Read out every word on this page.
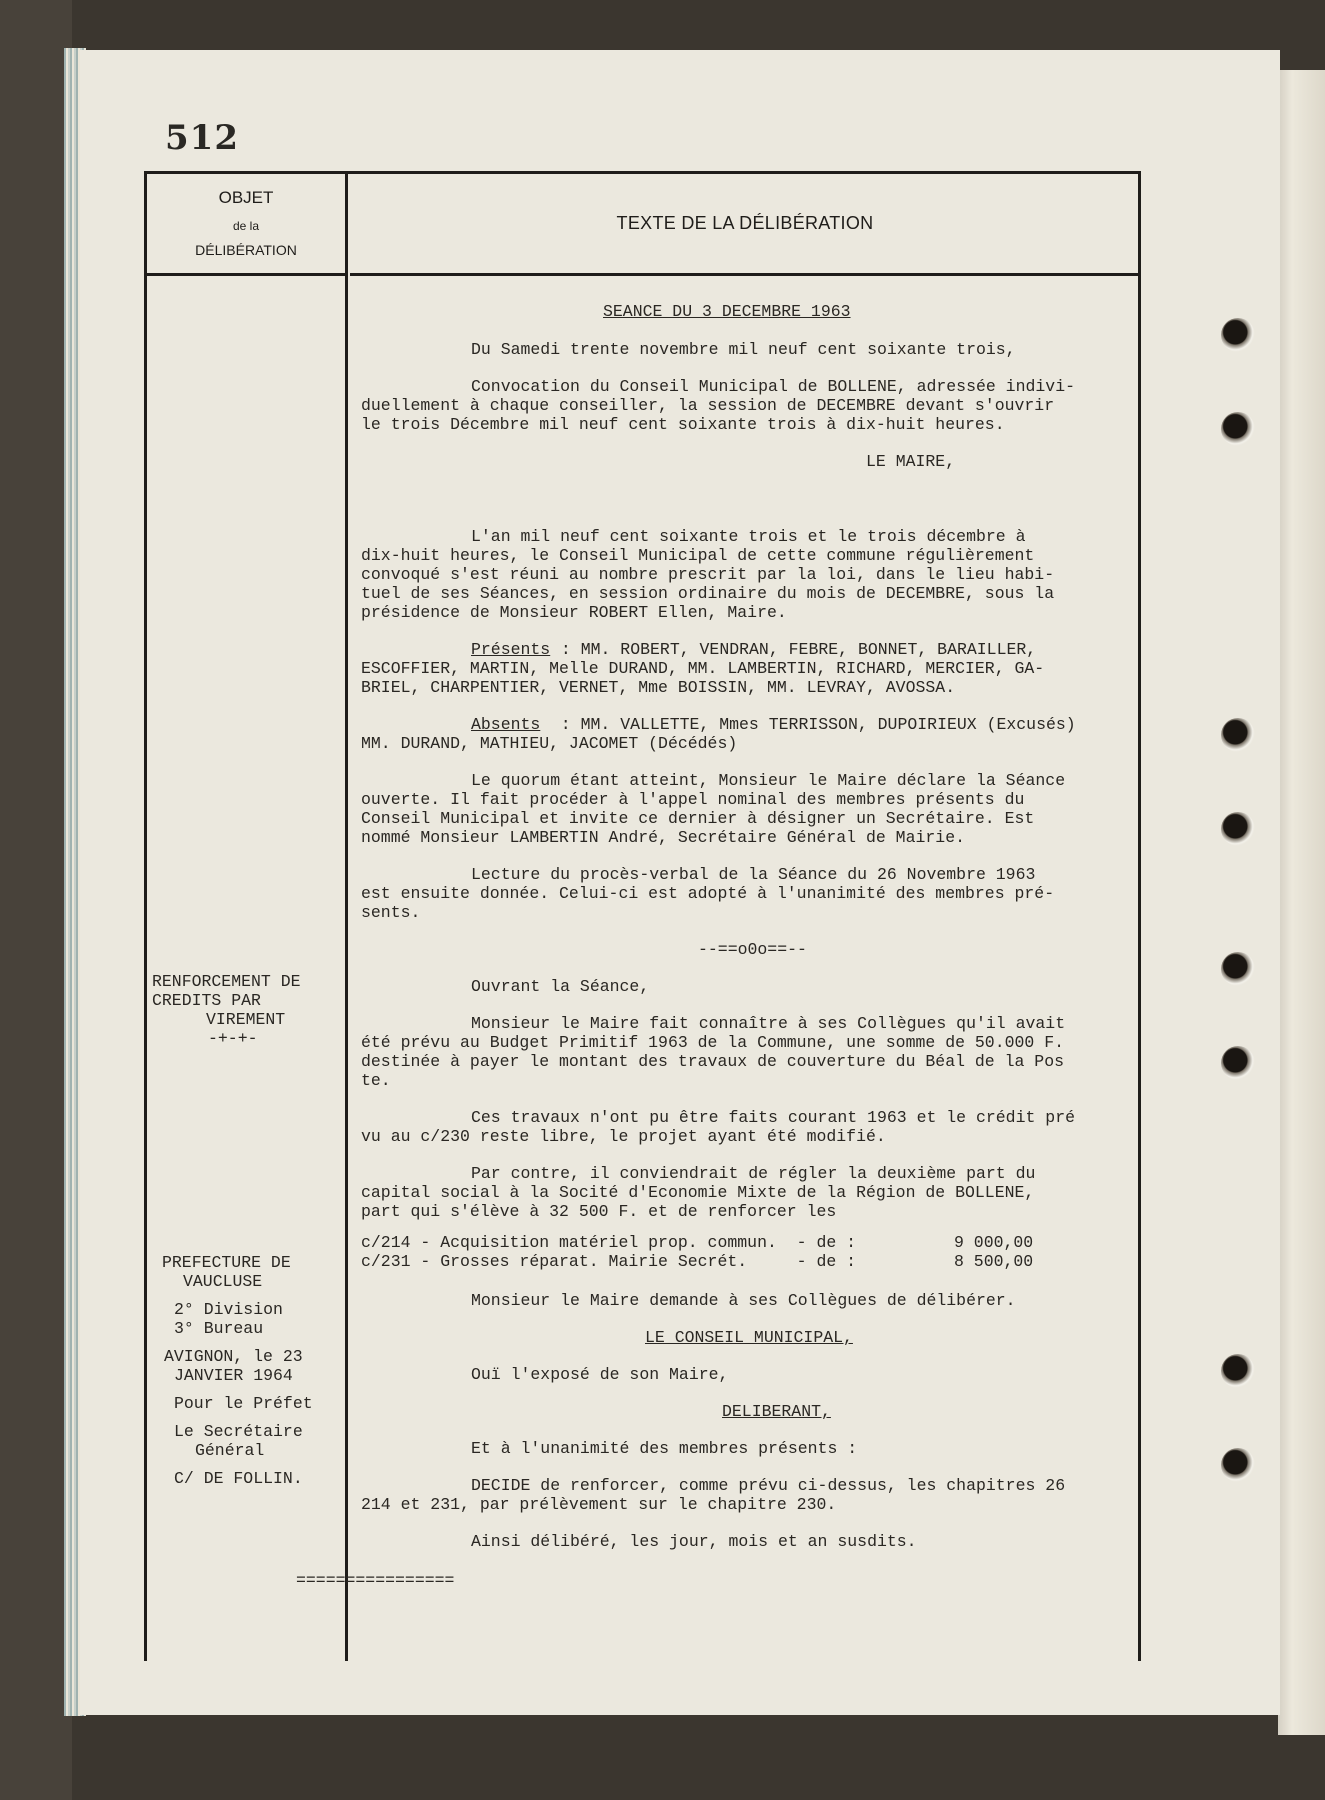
512
OBJET
de la
DÉLIBÉRATION
TEXTE DE LA DÉLIBÉRATION
RENFORCEMENT DE
CREDITS PAR
VIREMENT
-+-+-
PREFECTURE DE
VAUCLUSE
2° Division
3° Bureau
AVIGNON, le 23
JANVIER 1964
Pour le Préfet
Le Secrétaire
Général
C/ DE FOLLIN.
SEANCE DU 3 DECEMBRE 1963
Du Samedi trente novembre mil neuf cent soixante trois,
Convocation du Conseil Municipal de BOLLENE, adressée indivi-
duellement à chaque conseiller, la session de DECEMBRE devant s'ouvrir
le trois Décembre mil neuf cent soixante trois à dix-huit heures.
LE MAIRE,
L'an mil neuf cent soixante trois et le trois décembre à
dix-huit heures, le Conseil Municipal de cette commune régulièrement
convoqué s'est réuni au nombre prescrit par la loi, dans le lieu habi-
tuel de ses Séances, en session ordinaire du mois de DECEMBRE, sous la
présidence de Monsieur ROBERT Ellen, Maire.
Présents : MM. ROBERT, VENDRAN, FEBRE, BONNET, BARAILLER,
ESCOFFIER, MARTIN, Melle DURAND, MM. LAMBERTIN, RICHARD, MERCIER, GA-
BRIEL, CHARPENTIER, VERNET, Mme BOISSIN, MM. LEVRAY, AVOSSA.
Absents : MM. VALLETTE, Mmes TERRISSON, DUPOIRIEUX (Excusés)
MM. DURAND, MATHIEU, JACOMET (Décédés)
Le quorum étant atteint, Monsieur le Maire déclare la Séance
ouverte. Il fait procéder à l'appel nominal des membres présents du
Conseil Municipal et invite ce dernier à désigner un Secrétaire. Est
nommé Monsieur LAMBERTIN André, Secrétaire Général de Mairie.
Lecture du procès-verbal de la Séance du 26 Novembre 1963
est ensuite donnée. Celui-ci est adopté à l'unanimité des membres pré-
sents.
--==o0o==--
Ouvrant la Séance,
Monsieur le Maire fait connaître à ses Collègues qu'il avait
été prévu au Budget Primitif 1963 de la Commune, une somme de 50.000 F.
destinée à payer le montant des travaux de couverture du Béal de la Pos
te.
Ces travaux n'ont pu être faits courant 1963 et le crédit pré
vu au c/230 reste libre, le projet ayant été modifié.
Par contre, il conviendrait de régler la deuxième part du
capital social à la Socité d'Economie Mixte de la Région de BOLLENE,
part qui s'élève à 32 500 F. et de renforcer les
c/214 - Acquisition matériel prop. commun.  - de :	9 000,00
c/231 - Grosses réparat. Mairie Secrét.     - de :	8 500,00
Monsieur le Maire demande à ses Collègues de délibérer.
LE CONSEIL MUNICIPAL,
Ouï l'exposé de son Maire,
DELIBERANT,
Et à l'unanimité des membres présents :
DECIDE de renforcer, comme prévu ci-dessus, les chapitres 26
214 et 231, par prélèvement sur le chapitre 230.
Ainsi délibéré, les jour, mois et an susdits.
================
